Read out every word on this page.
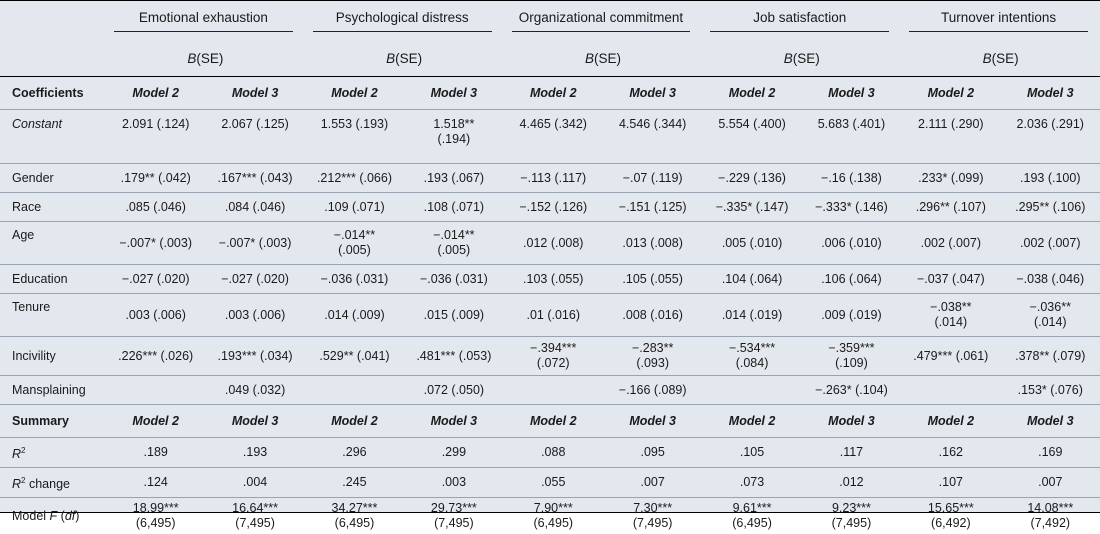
	Emotional exhaustion		Psychological distress		Organizational commitment		Job satisfaction		Turnover intentions	

	B(SE)		B(SE)		B(SE)		B(SE)		B(SE)	
Coefficients	Model 2	Model 3	Model 2	Model 3	Model 2	Model 3	Model 2	Model 3	Model 2	Model 3
Constant	2.091 (.124)	2.067 (.125)	1.553 (.193)	1.518**
(.194)	4.465 (.342)	4.546 (.344)	5.554 (.400)	5.683 (.401)	2.111 (.290)	2.036 (.291)
Gender	.179** (.042)	.167*** (.043)	.212*** (.066)	.193 (.067)	−.113 (.117)	−.07 (.119)	−.229 (.136)	−.16 (.138)	.233* (.099)	.193 (.100)
Race	.085 (.046)	.084 (.046)	.109 (.071)	.108 (.071)	−.152 (.126)	−.151 (.125)	−.335* (.147)	−.333* (.146)	.296** (.107)	.295** (.106)
Age	−.007* (.003)	−.007* (.003)	−.014**
(.005)	−.014**
(.005)	.012 (.008)	.013 (.008)	.005 (.010)	.006 (.010)	.002 (.007)	.002 (.007)
Education	−.027 (.020)	−.027 (.020)	−.036 (.031)	−.036 (.031)	.103 (.055)	.105 (.055)	.104 (.064)	.106 (.064)	−.037 (.047)	−.038 (.046)
Tenure	.003 (.006)	.003 (.006)	.014 (.009)	.015 (.009)	.01 (.016)	.008 (.016)	.014 (.019)	.009 (.019)	−.038**
(.014)	−.036**
(.014)
Incivility	.226*** (.026)	.193*** (.034)	.529** (.041)	.481*** (.053)	−.394***
(.072)	−.283**
(.093)	−.534***
(.084)	−.359***
(.109)	.479*** (.061)	.378** (.079)
Mansplaining		.049 (.032)		.072 (.050)		−.166 (.089)		−.263* (.104)		.153* (.076)
Summary	Model 2	Model 3	Model 2	Model 3	Model 2	Model 3	Model 2	Model 3	Model 2	Model 3
$R^2$	.189	.193	.296	.299	.088	.095	.105	.117	.162	.169
$R^2$ change	.124	.004	.245	.003	.055	.007	.073	.012	.107	.007
Model F (df)	18.99***
(6,495)	16.64***
(7,495)	34.27***
(6,495)	29.73***
(7,495)	7.90***
(6,495)	7.30***
(7,495)	9.61***
(6,495)	9.23***
(7,495)	15.65***
(6,492)	14.08***
(7,492)
